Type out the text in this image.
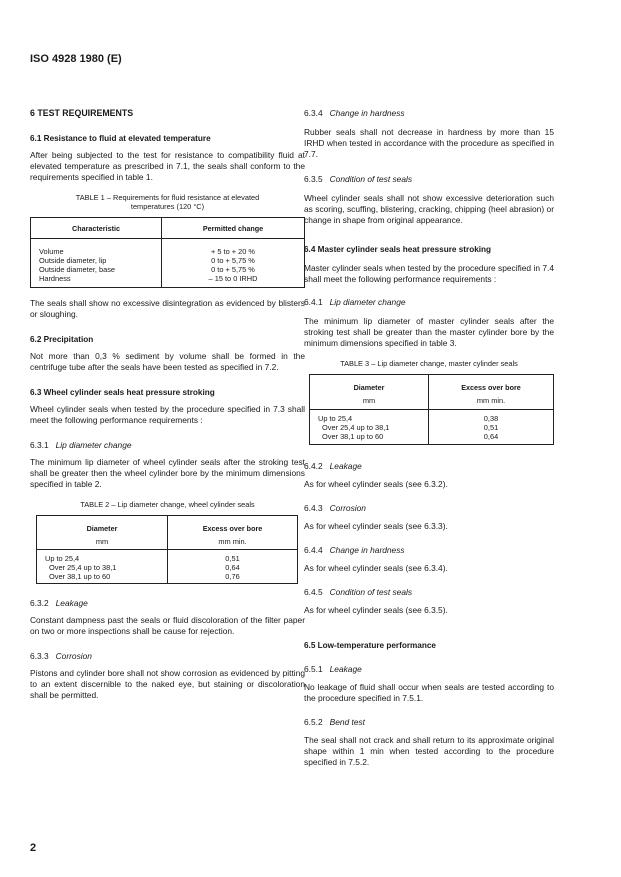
ISO 4928 1980 (E)
6 TEST REQUIREMENTS
6.1 Resistance to fluid at elevated temperature

After being subjected to the test for resistance to compatibility fluid at elevated temperature as prescribed in 7.1, the seals shall conform to the requirements specified in table 1.

TABLE 1 – Requirements for fluid resistance at elevated
temperatures (120 °C)
Characteristic	Permitted change
Volume	+ 5 to + 20 %
Outside diameter, lip	0 to + 5,75 %
Outside diameter, base	0 to + 5,75 %
Hardness	– 15 to 0 IRHD

The seals shall show no excessive disintegration as evidenced by blisters or sloughing.

6.2 Precipitation

Not more than 0,3 % sediment by volume shall be formed in the centrifuge tube after the seals have been tested as specified in 7.2.

6.3 Wheel cylinder seals heat pressure stroking

Wheel cylinder seals when tested by the procedure specified in 7.3 shall meet the following performance requirements :

6.3.1 Lip diameter change

The minimum lip diameter of wheel cylinder seals after the stroking test shall be greater then the wheel cylinder bore by the minimum dimensions specified in table 2.

TABLE 2 – Lip diameter change, wheel cylinder seals
Diameter	Excess over bore
mm	mm min.
Up to 25,4	0,51
Over 25,4 up to 38,1	0,64
Over 38,1 up to 60	0,76
6.3.2 Leakage

Constant dampness past the seals or fluid discoloration of the filter paper on two or more inspections shall be cause for rejection.

6.3.3 Corrosion

Pistons and cylinder bore shall not show corrosion as evidenced by pitting to an extent discernible to the naked eye, but staining or discoloration shall be permitted.

6.3.4 Change in hardness

Rubber seals shall not decrease in hardness by more than 15 IRHD when tested in accordance with the procedure as specified in 7.7.

6.3.5 Condition of test seals

Wheel cylinder seals shall not show excessive deterioration such as scoring, scuffing, blistering, cracking, chipping (heel abrasion) or change in shape from original appearance.

6.4 Master cylinder seals heat pressure stroking

Master cylinder seals when tested by the procedure specified in 7.4 shall meet the following performance requirements :

6.4.1 Lip diameter change

The minimum lip diameter of master cylinder seals after the stroking test shall be greater than the master cylinder bore by the minimum dimensions specified in table 3.

TABLE 3 – Lip diameter change, master cylinder seals
Diameter	Excess over bore
mm	mm min.
Up to 25,4	0,38
Over 25,4 up to 38,1	0,51
Over 38,1 up to 60	0,64
6.4.2 Leakage

As for wheel cylinder seals (see 6.3.2).

6.4.3 Corrosion

As for wheel cylinder seals (see 6.3.3).

6.4.4 Change in hardness

As for wheel cylinder seals (see 6.3.4).

6.4.5 Condition of test seals

As for wheel cylinder seals (see 6.3.5).

6.5 Low-temperature performance
6.5.1 Leakage

No leakage of fluid shall occur when seals are tested according to the procedure specified in 7.5.1.

6.5.2 Bend test

The seal shall not crack and shall return to its approximate original shape within 1 min when tested according to the procedure specified in 7.5.2.

2
